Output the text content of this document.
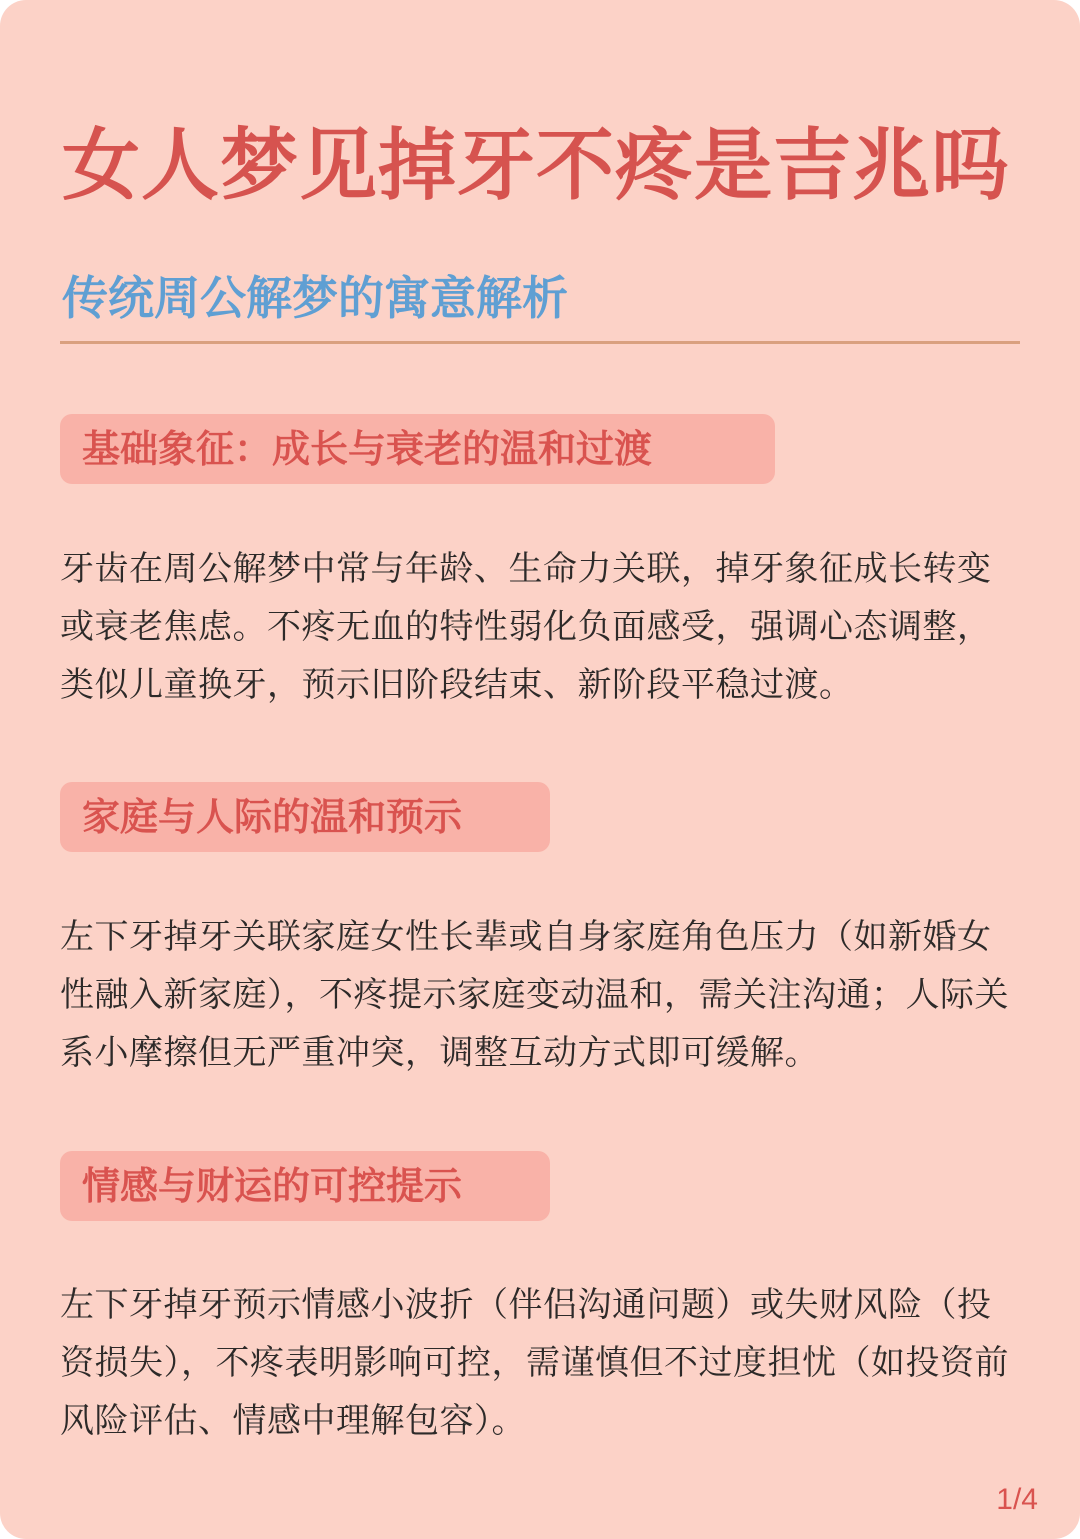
女人梦见掉牙不疼是吉兆吗
传统周公解梦的寓意解析
基础象征：成长与衰老的温和过渡

牙齿在周公解梦中常与年龄、生命力关联，掉牙象征成长转变或衰老焦虑。不疼无血的特性弱化负面感受，强调心态调整，类似儿童换牙，预示旧阶段结束、新阶段平稳过渡。

家庭与人际的温和预示

左下牙掉牙关联家庭女性长辈或自身家庭角色压力（如新婚女性融入新家庭），不疼提示家庭变动温和，需关注沟通；人际关系小摩擦但无严重冲突，调整互动方式即可缓解。

情感与财运的可控提示

左下牙掉牙预示情感小波折（伴侣沟通问题）或失财风险（投资损失），不疼表明影响可控，需谨慎但不过度担忧（如投资前风险评估、情感中理解包容）。

1/4
